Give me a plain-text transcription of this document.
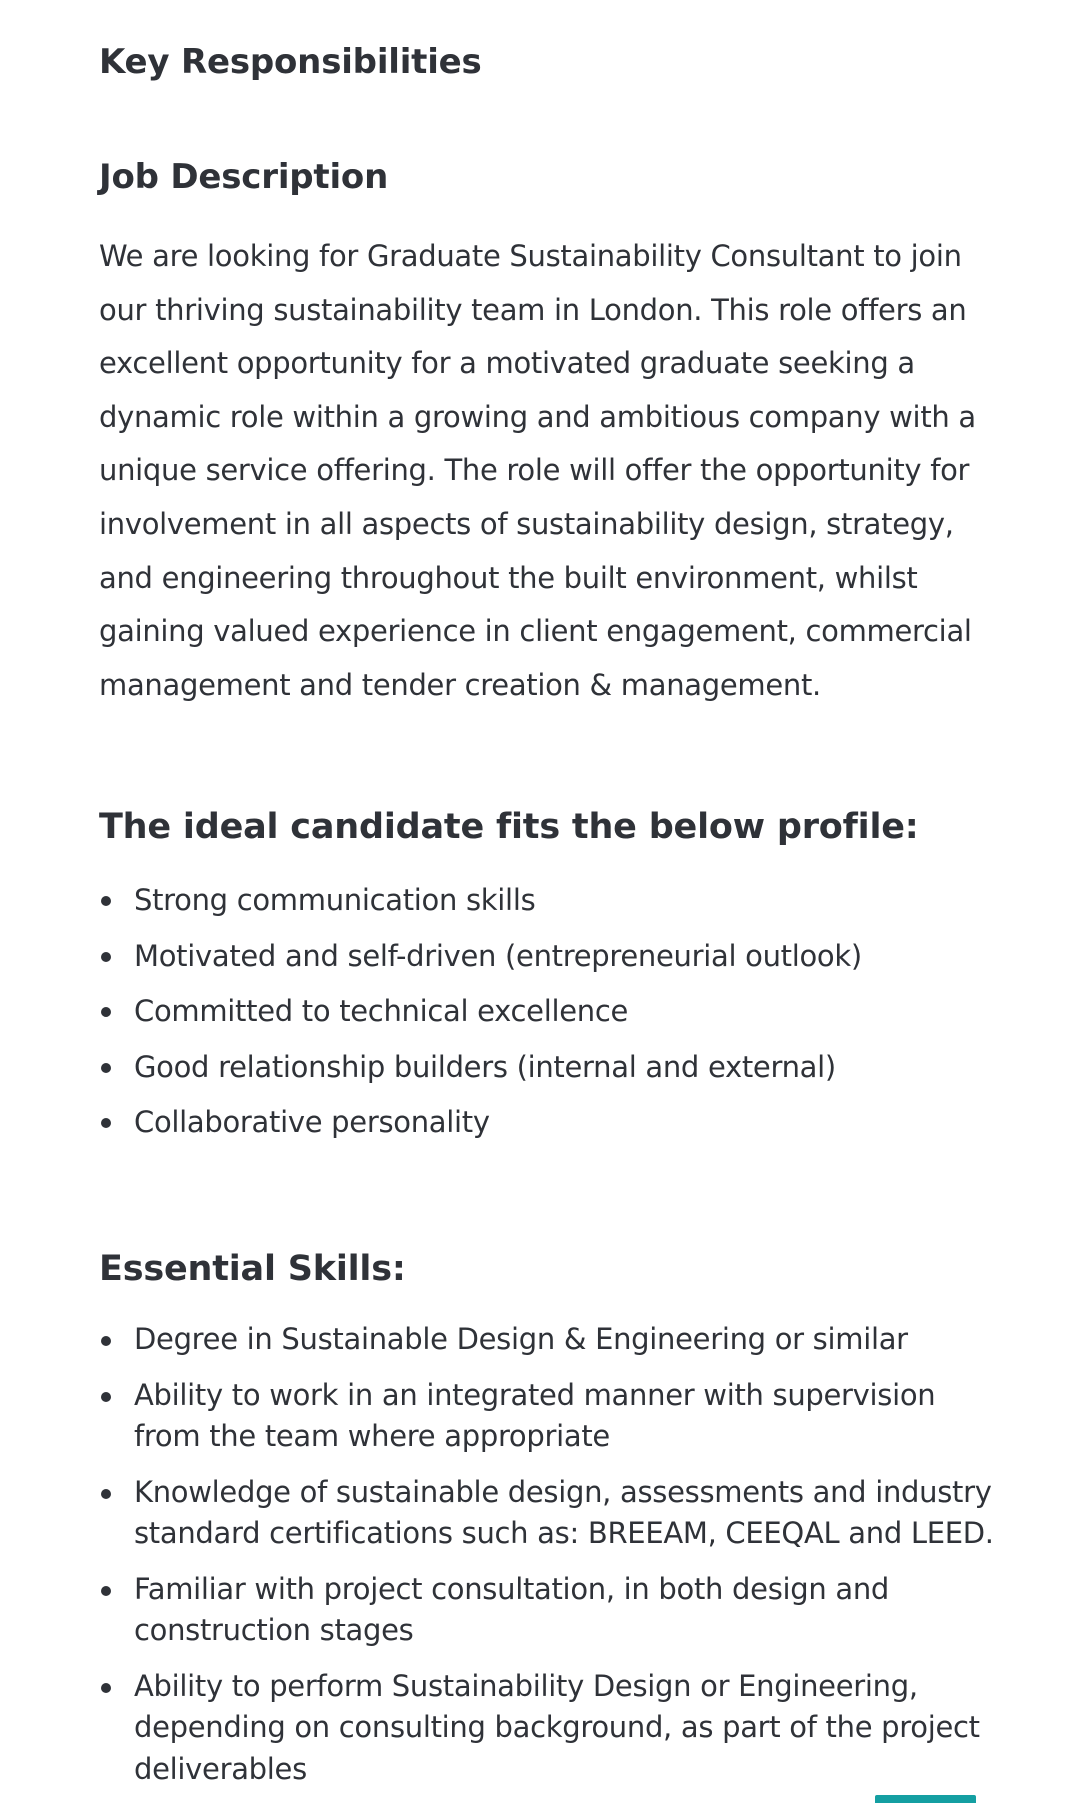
Key Responsibilities
Job Description

We are looking for Graduate Sustainability Consultant to join
our thriving sustainability team in London. This role offers an
excellent opportunity for a motivated graduate seeking a
dynamic role within a growing and ambitious company with a
unique service offering. The role will offer the opportunity for
involvement in all aspects of sustainability design, strategy,
and engineering throughout the built environment, whilst
gaining valued experience in client engagement, commercial
management and tender creation & management.

The ideal candidate fits the below profile:
Strong communication skills
Motivated and self-driven (entrepreneurial outlook)
Committed to technical excellence
Good relationship builders (internal and external)
Collaborative personality
Essential Skills:
Degree in Sustainable Design & Engineering or similar
Ability to work in an integrated manner with supervision
from the team where appropriate
Knowledge of sustainable design, assessments and industry
standard certifications such as: BREEAM, CEEQAL and LEED.
Familiar with project consultation, in both design and
construction stages
Ability to perform Sustainability Design or Engineering,
depending on consulting background, as part of the project
deliverables
